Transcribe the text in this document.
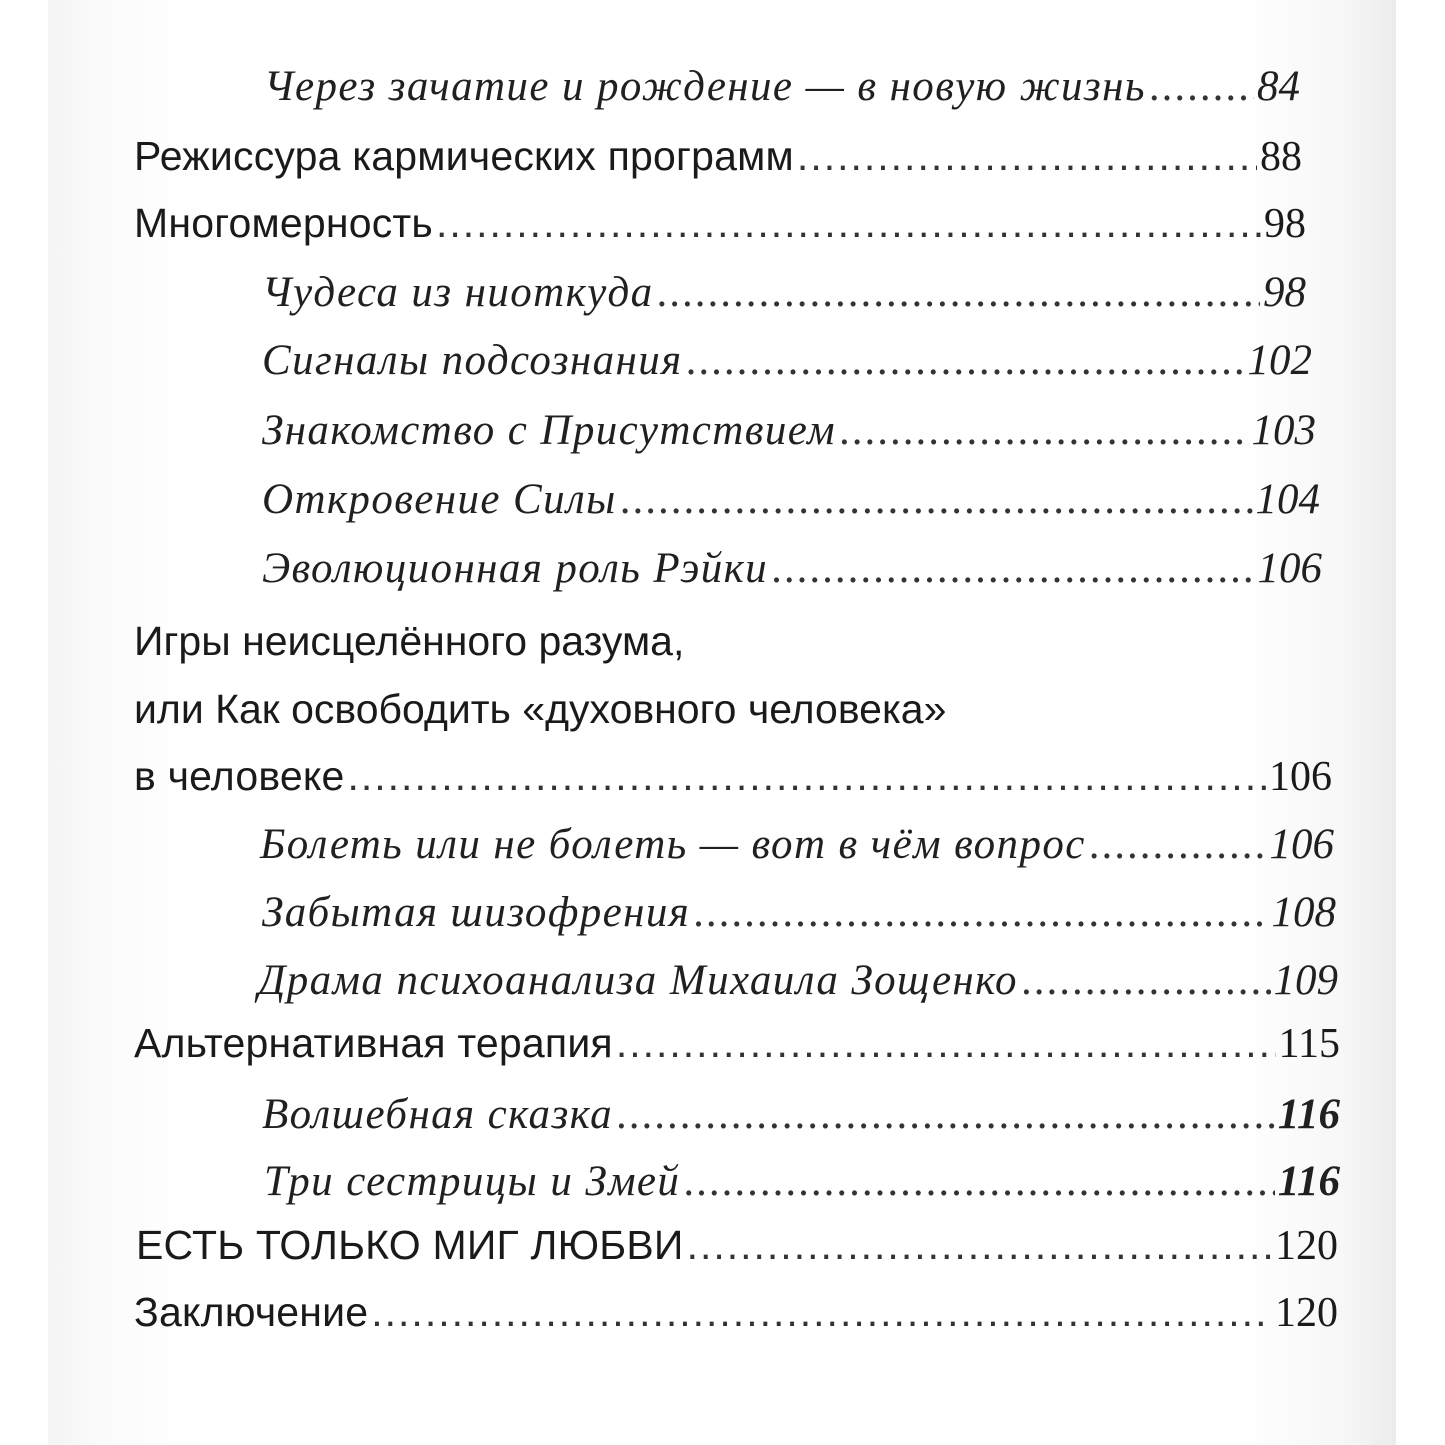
Через зачатие и рождение — в новую жизнь .....	84
Режиссура кармических программ .....	88
Многомерность .....	98
Чудеса из ниоткуда .....	98
Сигналы подсознания .....	102
Знакомство с Присутствием .....	103
Откровение Силы .....	104
Эволюционная роль Рэйки .....	106
Игры неисцелённого разума,
или Как освободить «духовного человека»
в человеке .....	106
Болеть или не болеть — вот в чём вопрос .....	106
Забытая шизофрения .....	108
Драма психоанализа Михаила Зощенко .....	109
Альтернативная терапия .....	115
Волшебная сказка .....	116
Три сестрицы и Змей .....	116
ЕСТЬ ТОЛЬКО МИГ ЛЮБВИ .....	120
Заключение .....	120
